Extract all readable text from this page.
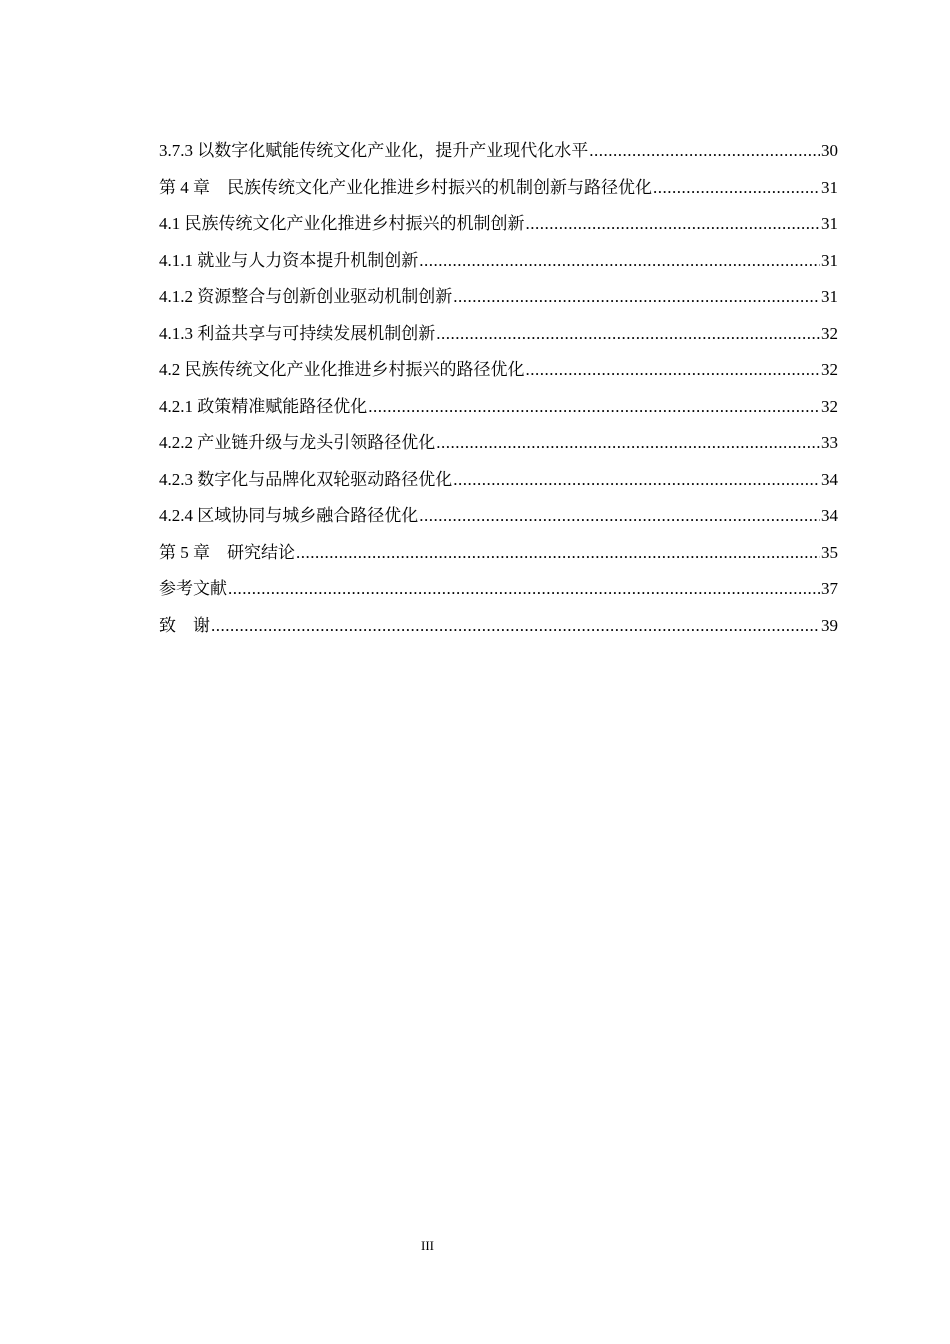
3.7.3 以数字化赋能传统文化产业化，提升产业现代化水平 .....	30
第 4 章　民族传统文化产业化推进乡村振兴的机制创新与路径优化 .....	31
4.1 民族传统文化产业化推进乡村振兴的机制创新 .....	31
4.1.1 就业与人力资本提升机制创新 .....	31
4.1.2 资源整合与创新创业驱动机制创新 .....	31
4.1.3 利益共享与可持续发展机制创新 .....	32
4.2 民族传统文化产业化推进乡村振兴的路径优化 .....	32
4.2.1 政策精准赋能路径优化 .....	32
4.2.2 产业链升级与龙头引领路径优化 .....	33
4.2.3 数字化与品牌化双轮驱动路径优化 .....	34
4.2.4 区域协同与城乡融合路径优化 .....	34
第 5 章　研究结论 .....	35
参考文献 .....	37
致　谢 .....	39
III
